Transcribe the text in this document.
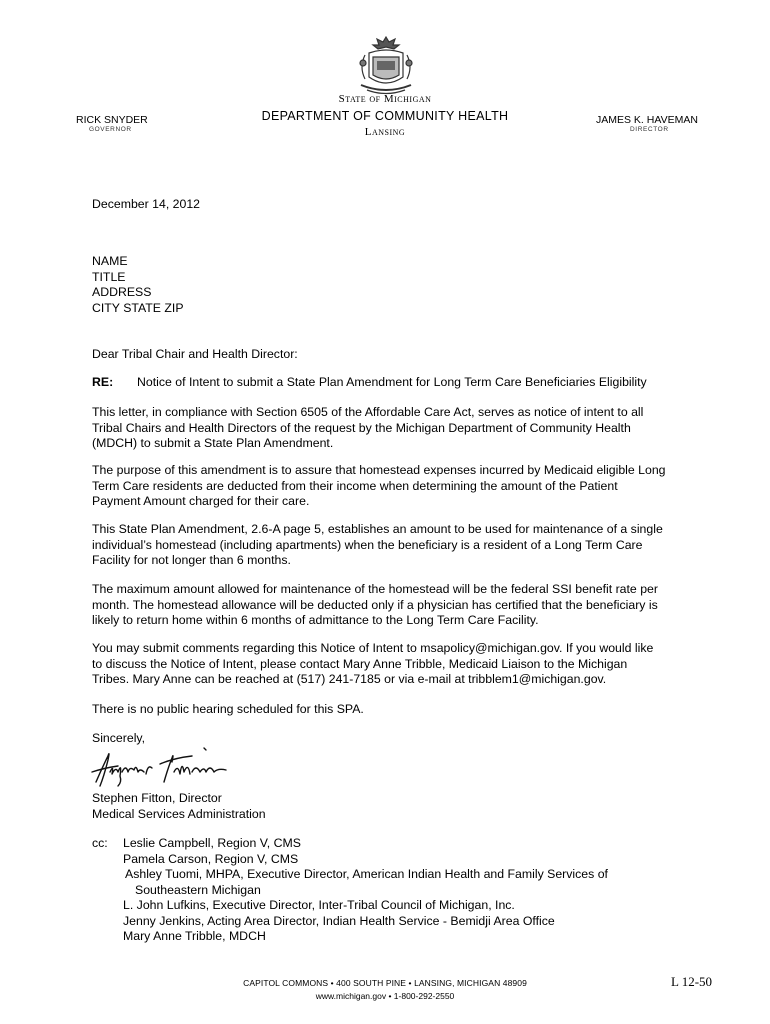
State of Michigan
DEPARTMENT OF COMMUNITY HEALTH
Lansing
RICK SNYDER
GOVERNOR
JAMES K. HAVEMAN
DIRECTOR
December 14, 2012
NAME
TITLE
ADDRESS
CITY STATE ZIP
Dear Tribal Chair and Health Director:
RE: Notice of Intent to submit a State Plan Amendment for Long Term Care Beneficiaries Eligibility
This letter, in compliance with Section 6505 of the Affordable Care Act, serves as notice of intent to all
Tribal Chairs and Health Directors of the request by the Michigan Department of Community Health
(MDCH) to submit a State Plan Amendment.
The purpose of this amendment is to assure that homestead expenses incurred by Medicaid eligible Long
Term Care residents are deducted from their income when determining the amount of the Patient
Payment Amount charged for their care.
This State Plan Amendment, 2.6-A page 5, establishes an amount to be used for maintenance of a single
individual’s homestead (including apartments) when the beneficiary is a resident of a Long Term Care
Facility for not longer than 6 months.
The maximum amount allowed for maintenance of the homestead will be the federal SSI benefit rate per
month. The homestead allowance will be deducted only if a physician has certified that the beneficiary is
likely to return home within 6 months of admittance to the Long Term Care Facility.
You may submit comments regarding this Notice of Intent to msapolicy@michigan.gov. If you would like
to discuss the Notice of Intent, please contact Mary Anne Tribble, Medicaid Liaison to the Michigan
Tribes. Mary Anne can be reached at (517) 241-7185 or via e-mail at tribblem1@michigan.gov.
There is no public hearing scheduled for this SPA.
Sincerely,
Stephen Fitton, Director
Medical Services Administration
cc: Leslie Campbell, Region V, CMS
Pamela Carson, Region V, CMS
Ashley Tuomi, MHPA, Executive Director, American Indian Health and Family Services of
Southeastern Michigan
L. John Lufkins, Executive Director, Inter-Tribal Council of Michigan, Inc.
Jenny Jenkins, Acting Area Director, Indian Health Service - Bemidji Area Office
Mary Anne Tribble, MDCH
CAPITOL COMMONS • 400 SOUTH PINE • LANSING, MICHIGAN 48909
www.michigan.gov • 1-800-292-2550
L 12-50
